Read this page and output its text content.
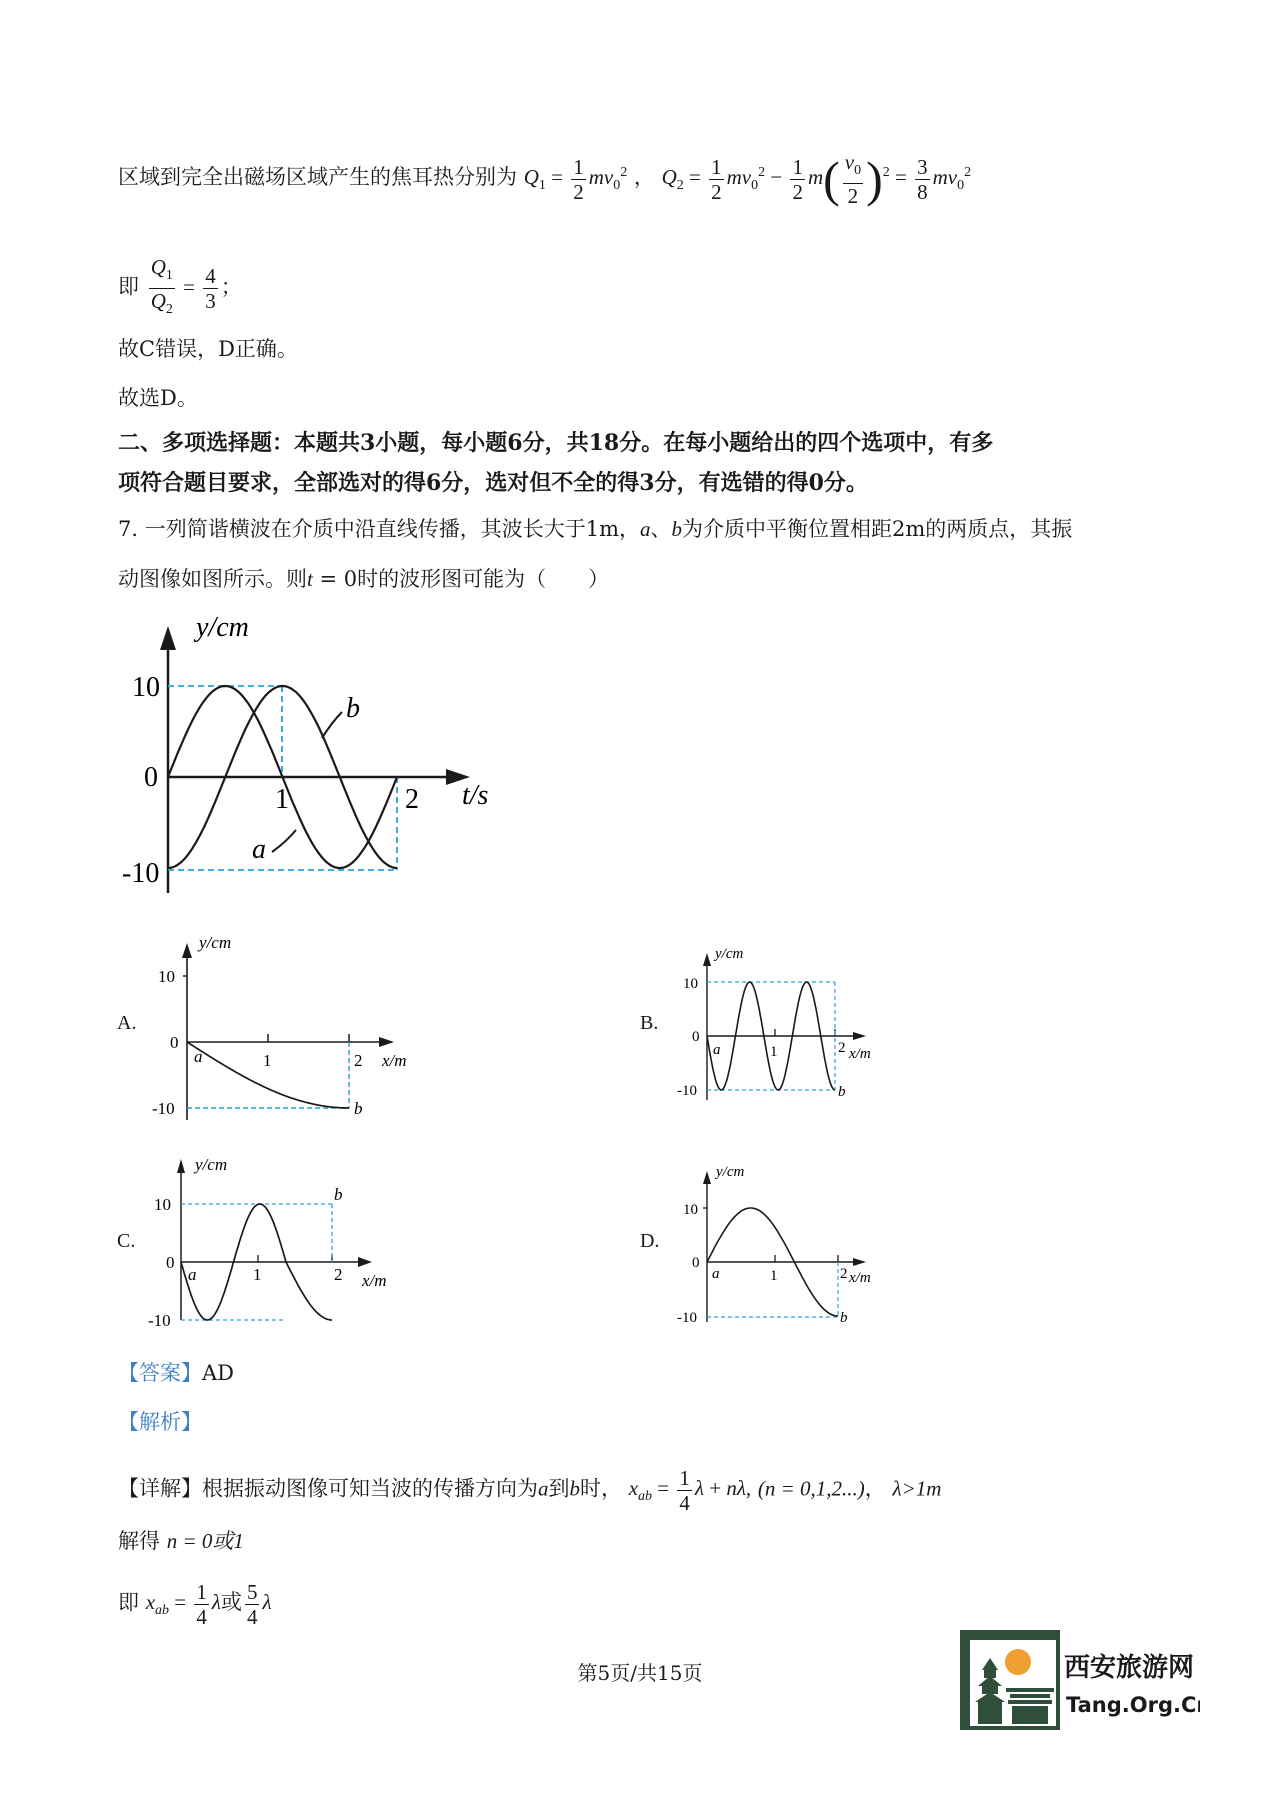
区域到完全出磁场区域产生的焦耳热分别为 $Q_1 = \frac{1}{2} mv_0^2$ ， $Q_2 = \frac{1}{2} mv_0^2 - \frac{1}{2} m( \frac{v_0}{2} )^2 = \frac{3}{8} mv_0^2$
即 $\frac{Q_1}{Q_2} = \frac{4}{3}$ ；
故C错误，D正确。
故选D。
二、多项选择题：本题共3小题，每小题6分，共18分。在每小题给出的四个选项中，有多
项符合题目要求，全部选对的得6分，选对但不全的得3分，有选错的得0分。
7. 一列简谐横波在介质中沿直线传播，其波长大于1m，a、b为介质中平衡位置相距2m的两质点，其振
动图像如图所示。则t = 0时的波形图可能为（　　）
y/cm
t/s
10
0
-10
1	2
b
a
A.	B.
C.	D.
y/cm
x/m
10
0
-10
1	2
a
b
y/cm
x/m
10
0
-10
1	2
a
b
y/cm
x/m
10
0
-10
1	2
a
b
y/cm
x/m
10
0
-10
1	2
a
b
【答案】AD
【解析】
【详解】根据振动图像可知当波的传播方向为a到b时， $x_{ab} = \frac{1}{4}$ λ + nλ, (n = 0,1,2...)， λ>1m
解得 n = 0或1
即 $x_{ab} = \frac{1}{4}$ λ或 $\frac{5}{4}$ λ
第5页/共15页	西安旅游网
Tang.Org.Cn
